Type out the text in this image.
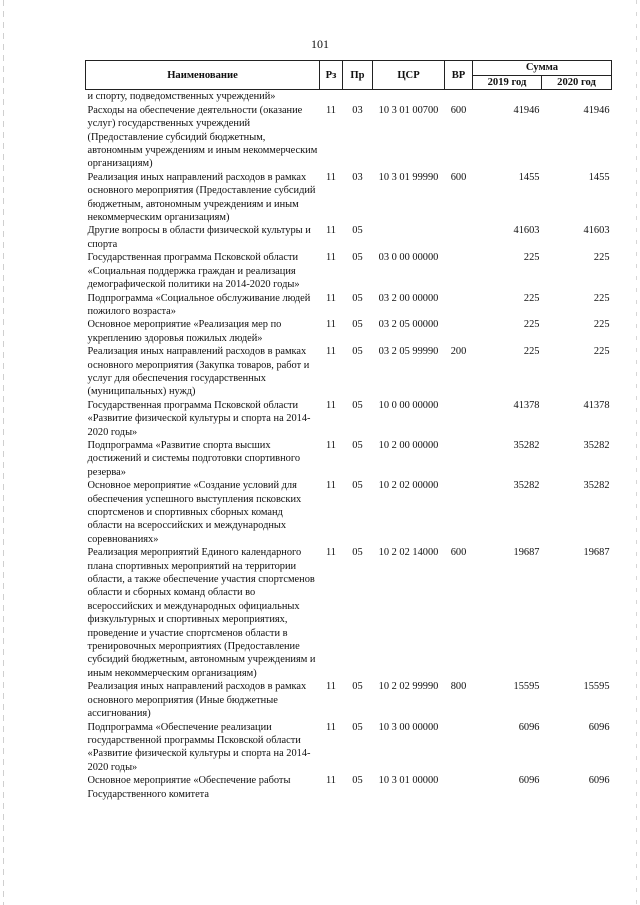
101
Наименование	Рз	Пр	ЦСР	ВР	Сумма	
					2019 год	2020 год
и спорту, подведомственных учреждений»						
Расходы на обеспечение деятельности (оказание услуг) государственных учреждений (Предоставление субсидий бюджетным, автономным учреждениям и иным некоммерческим организациям)	11	03	10 3 01 00700	600	41946	41946
Реализация иных направлений расходов в рамках основного мероприятия (Предоставление субсидий бюджетным, автономным учреждениям и иным некоммерческим организациям)	11	03	10 3 01 99990	600	1455	1455
Другие вопросы в области физической культуры и спорта	11	05			41603	41603
Государственная программа Псковской области «Социальная поддержка граждан и реализация демографической политики на 2014-2020 годы»	11	05	03 0 00 00000		225	225
Подпрограмма «Социальное обслуживание людей пожилого возраста»	11	05	03 2 00 00000		225	225
Основное мероприятие «Реализация мер по укреплению здоровья пожилых людей»	11	05	03 2 05 00000		225	225
Реализация иных направлений расходов в рамках основного мероприятия (Закупка товаров, работ и услуг для обеспечения государственных (муниципальных) нужд)	11	05	03 2 05 99990	200	225	225
Государственная программа Псковской области «Развитие физической культуры и спорта на 2014-2020 годы»	11	05	10 0 00 00000		41378	41378
Подпрограмма «Развитие спорта высших достижений и системы подготовки спортивного резерва»	11	05	10 2 00 00000		35282	35282
Основное мероприятие «Создание условий для обеспечения успешного выступления псковских спортсменов и спортивных сборных команд области на всероссийских и международных соревнованиях»	11	05	10 2 02 00000		35282	35282
Реализация мероприятий Единого календарного плана спортивных мероприятий на территории области, а также обеспечение участия спортсменов области и сборных команд области во всероссийских и международных официальных физкультурных и спортивных мероприятиях, проведение и участие спортсменов области в тренировочных мероприятиях (Предоставление субсидий бюджетным, автономным учреждениям и иным некоммерческим организациям)	11	05	10 2 02 14000	600	19687	19687
Реализация иных направлений расходов в рамках основного мероприятия (Иные бюджетные ассигнования)	11	05	10 2 02 99990	800	15595	15595
Подпрограмма «Обеспечение реализации государственной программы Псковской области «Развитие физической культуры и спорта на 2014-2020 годы»	11	05	10 3 00 00000		6096	6096
Основное мероприятие «Обеспечение работы Государственного комитета	11	05	10 3 01 00000		6096	6096
